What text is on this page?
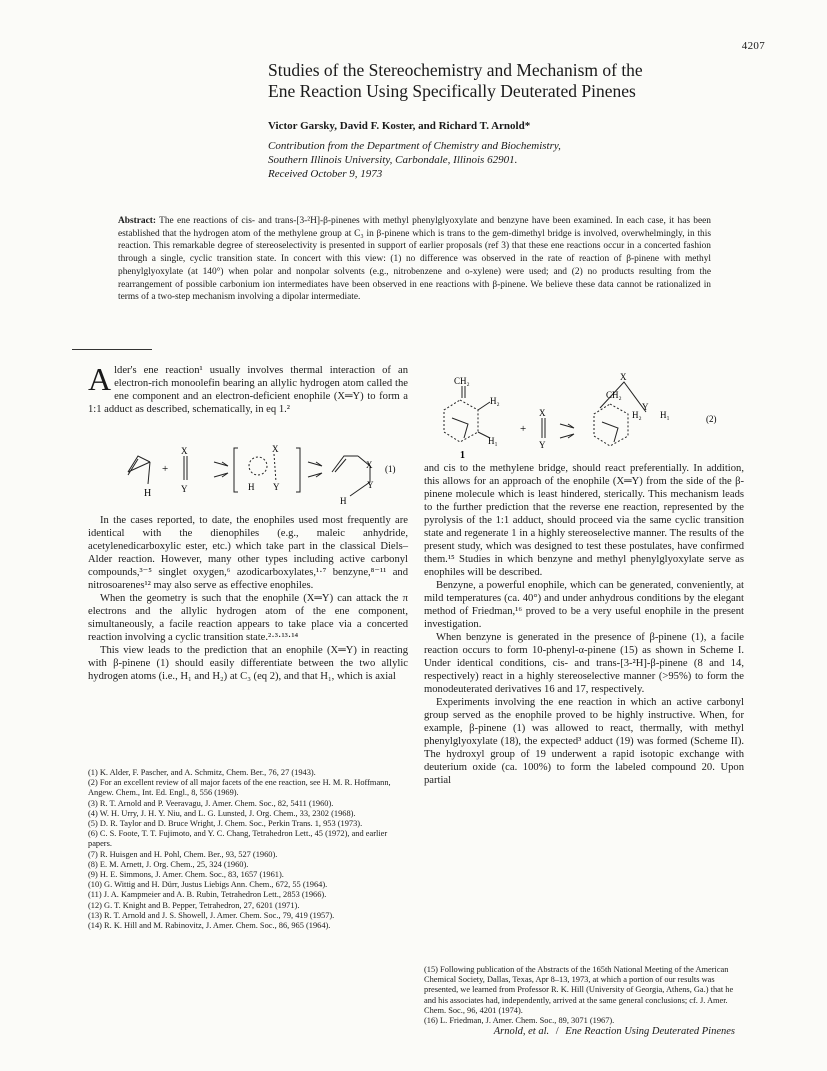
4207
Studies of the Stereochemistry and Mechanism of the
Ene Reaction Using Specifically Deuterated Pinenes
Victor Garsky, David F. Koster, and Richard T. Arnold*
Contribution from the Department of Chemistry and Biochemistry,
Southern Illinois University, Carbondale, Illinois 62901.
Received October 9, 1973
Abstract: The ene reactions of cis- and trans-[3-²H]-β-pinenes with methyl phenylglyoxylate and benzyne have been examined. In each case, it has been established that the hydrogen atom of the methylene group at C₃ in β-pinene which is trans to the gem-dimethyl bridge is involved, overwhelmingly, in this reaction. This remarkable degree of stereoselectivity is presented in support of earlier proposals (ref 3) that these ene reactions occur in a concerted fashion through a single, cyclic transition state. In concert with this view: (1) no difference was observed in the rate of reaction of β-pinene with methyl phenylglyoxylate (at 140°) when polar and nonpolar solvents (e.g., nitrobenzene and o-xylene) were used; and (2) no products resulting from the rearrangement of possible carbonium ion intermediates have been observed in ene reactions with β-pinene. We believe these data cannot be rationalized in terms of a two-step mechanism involving a dipolar intermediate.
A lder's ene reaction¹ usually involves thermal interaction of an electron-rich monoolefin bearing an allylic hydrogen atom called the ene component and an electron-deficient enophile (X═Y) to form a 1:1 adduct as described, schematically, in eq 1.²
H
+
X
Y
X
H Y
X
Y
H
(1)

In the cases reported, to date, the enophiles used most frequently are identical with the dienophiles (e.g., maleic anhydride, acetylenedicarboxylic ester, etc.) which take part in the classical Diels–Alder reaction. However, many other types including active carbonyl compounds,³⁻⁵ singlet oxygen,⁶ azodicarboxylates,¹·⁷ benzyne,⁸⁻¹¹ and nitrosoarenes¹² may also serve as effective enophiles.

When the geometry is such that the enophile (X═Y) can attack the π electrons and the allylic hydrogen atom of the ene component, simultaneously, a facile reaction appears to take place via a concerted reaction involving a cyclic transition state.²·³·¹³·¹⁴

This view leads to the prediction that an enophile (X═Y) in reacting with β-pinene (1) should easily differentiate between the two allylic hydrogen atoms (i.e., H₁ and H₂) at C₃ (eq 2), and that H₁, which is axial

(1) K. Alder, F. Pascher, and A. Schmitz, Chem. Ber., 76, 27 (1943).
(2) For an excellent review of all major facets of the ene reaction, see H. M. R. Hoffmann, Angew. Chem., Int. Ed. Engl., 8, 556 (1969).
(3) R. T. Arnold and P. Veeravagu, J. Amer. Chem. Soc., 82, 5411 (1960).
(4) W. H. Urry, J. H. Y. Niu, and L. G. Lunsted, J. Org. Chem., 33, 2302 (1968).
(5) D. R. Taylor and D. Bruce Wright, J. Chem. Soc., Perkin Trans. 1, 953 (1973).
(6) C. S. Foote, T. T. Fujimoto, and Y. C. Chang, Tetrahedron Lett., 45 (1972), and earlier papers.
(7) R. Huisgen and H. Pohl, Chem. Ber., 93, 527 (1960).
(8) E. M. Arnett, J. Org. Chem., 25, 324 (1960).
(9) H. E. Simmons, J. Amer. Chem. Soc., 83, 1657 (1961).
(10) G. Wittig and H. Dürr, Justus Liebigs Ann. Chem., 672, 55 (1964).
(11) J. A. Kampmeier and A. B. Rubin, Tetrahedron Lett., 2853 (1966).
(12) G. T. Knight and B. Pepper, Tetrahedron, 27, 6201 (1971).
(13) R. T. Arnold and J. S. Showell, J. Amer. Chem. Soc., 79, 419 (1957).
(14) R. K. Hill and M. Rabinovitz, J. Amer. Chem. Soc., 86, 965 (1964).
CH₂
H₂
H₁
+
X
Y
X
Y
CH₂
H₂ H₁	(2)
1

and cis to the methylene bridge, should react preferentially. In addition, this allows for an approach of the enophile (X═Y) from the side of the β-pinene molecule which is least hindered, sterically. This mechanism leads to the further prediction that the reverse ene reaction, represented by the pyrolysis of the 1:1 adduct, should proceed via the same cyclic transition state and regenerate 1 in a highly stereoselective manner. The results of the present study, which was designed to test these postulates, have confirmed them.¹⁵ Studies in which benzyne and methyl phenylglyoxylate serve as enophiles will be described.

Benzyne, a powerful enophile, which can be generated, conveniently, at mild temperatures (ca. 40°) and under anhydrous conditions by the elegant method of Friedman,¹⁶ proved to be a very useful enophile in the present investigation.

When benzyne is generated in the presence of β-pinene (1), a facile reaction occurs to form 10-phenyl-α-pinene (15) as shown in Scheme I. Under identical conditions, cis- and trans-[3-²H]-β-pinene (8 and 14, respectively) react in a highly stereoselective manner (>95%) to form the monodeuterated derivatives 16 and 17, respectively.

Experiments involving the ene reaction in which an active carbonyl group served as the enophile proved to be highly instructive. When, for example, β-pinene (1) was allowed to react, thermally, with methyl phenylglyoxylate (18), the expected³ adduct (19) was formed (Scheme II). The hydroxyl group of 19 underwent a rapid isotopic exchange with deuterium oxide (ca. 100%) to form the labeled compound 20. Upon partial

(15) Following publication of the Abstracts of the 165th National Meeting of the American Chemical Society, Dallas, Texas, Apr 8–13, 1973, at which a portion of our results was presented, we learned from Professor R. K. Hill (University of Georgia, Athens, Ga.) that he and his associates had, independently, arrived at the same general conclusions; cf. J. Amer. Chem. Soc., 96, 4201 (1974).
(16) L. Friedman, J. Amer. Chem. Soc., 89, 3071 (1967).
Arnold, et al. / Ene Reaction Using Deuterated Pinenes
